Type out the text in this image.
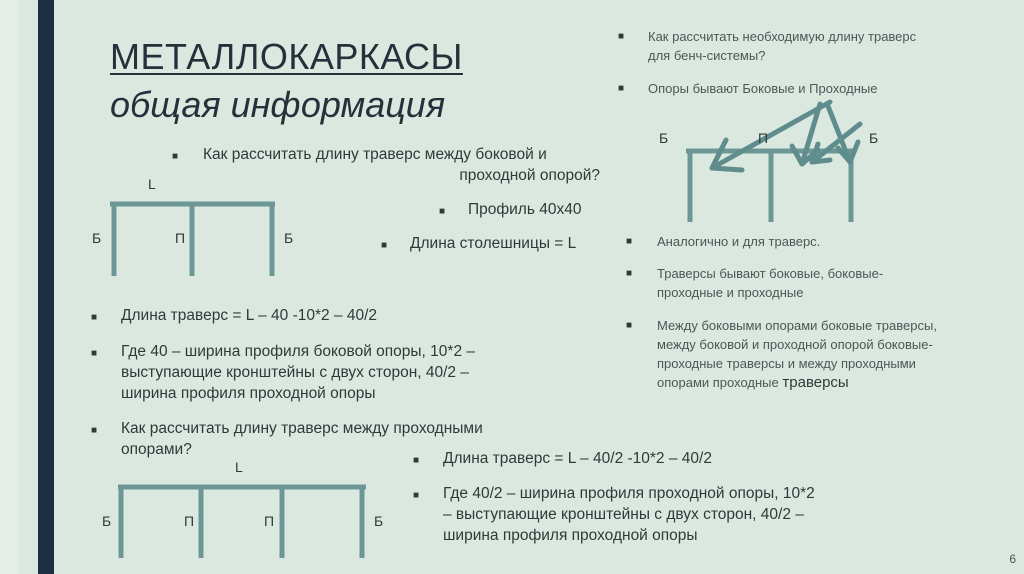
МЕТАЛЛОКАРКАСЫ
общая информация
■ Как рассчитать необходимую длину траверс
для бенч-системы?
■ Опоры бывают Боковые и Проходные
Б	П	Б
■ Как рассчитать длину траверс между боковой и
проходной опорой?
■ Профиль 40х40
■ Длина столешницы = L
L
Б	П	Б	■ Аналогично и для траверс.
■ Траверсы бывают боковые, боковые-
проходные и проходные
■ Между боковыми опорами боковые траверсы,
между боковой и проходной опорой боковые-
проходные траверсы и между проходными
опорами проходные траверсы
■ Длина траверс = L – 40 -10*2 – 40/2
■ Где 40 – ширина профиля боковой опоры, 10*2 –
выступающие кронштейны с двух сторон, 40/2 –
ширина профиля проходной опоры
■ Как рассчитать длину траверс между проходными
опорами?
L
Б	П	П	Б
■ Длина траверс = L – 40/2 -10*2 – 40/2
■ Где 40/2 – ширина профиля проходной опоры, 10*2
– выступающие кронштейны с двух сторон, 40/2 –
ширина профиля проходной опоры
6
